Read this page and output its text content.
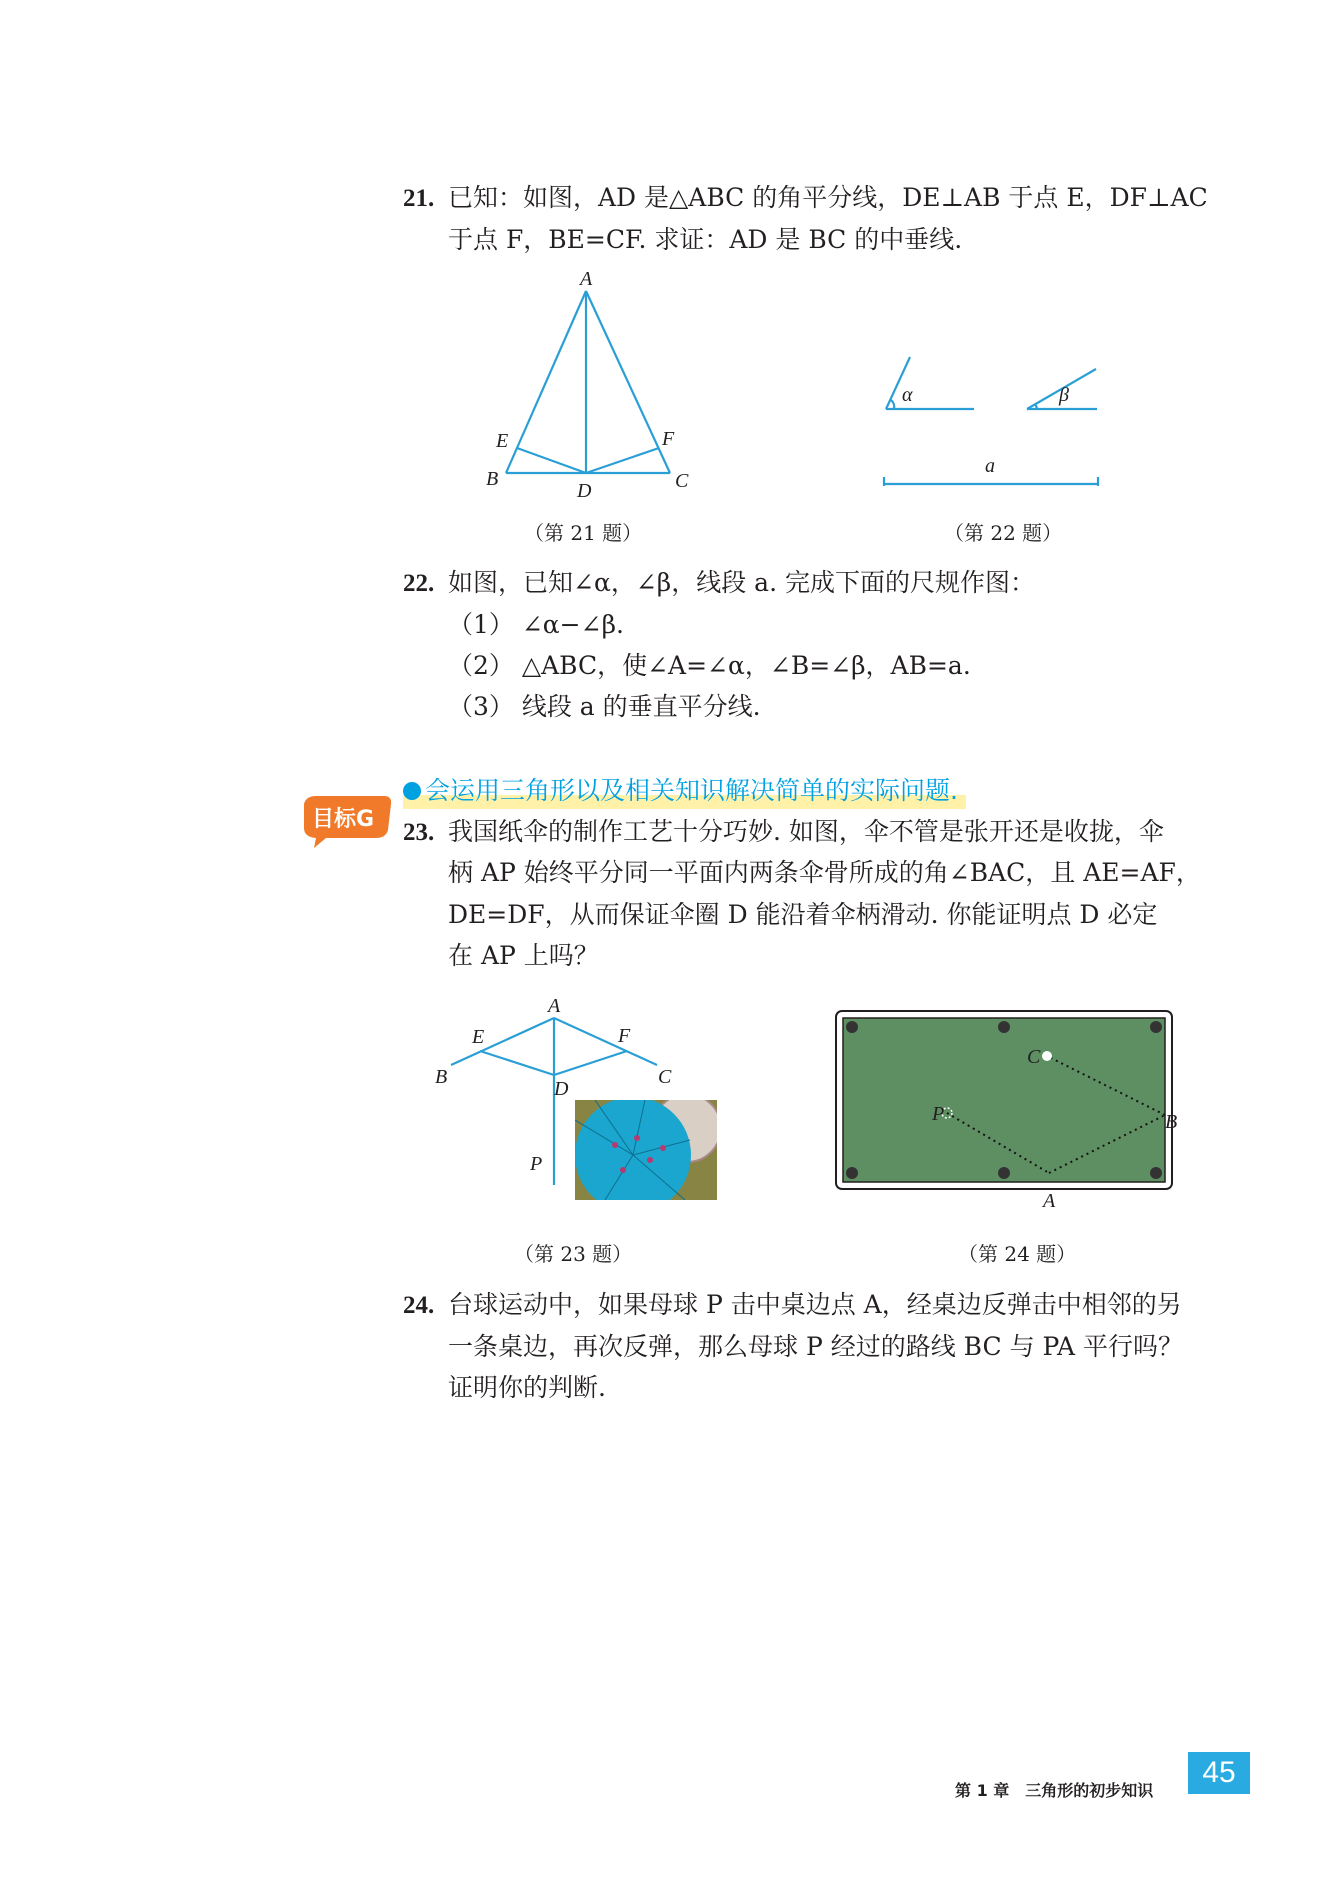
21. 已知：如图，AD 是△ABC 的角平分线，DE⊥AB 于点 E，DF⊥AC
于点 F，BE=CF. 求证：AD 是 BC 的中垂线.
A
B	C
D
E	F
（第 21 题）
α	β
a
（第 22 题）
22. 如图，已知∠α，∠β，线段 a. 完成下面的尺规作图：
（1） ∠α−∠β.
（2） △ABC，使∠A=∠α，∠B=∠β，AB=a.
（3） 线段 a 的垂直平分线.
目标G
会运用三角形以及相关知识解决简单的实际问题.
23. 我国纸伞的制作工艺十分巧妙. 如图，伞不管是张开还是收拢，伞
柄 AP 始终平分同一平面内两条伞骨所成的角∠BAC，且 AE=AF，
DE=DF，从而保证伞圈 D 能沿着伞柄滑动. 你能证明点 D 必定
在 AP 上吗？
A
B	C
D
E	F
P
（第 23 题）
C
P	B
A
（第 24 题）
24. 台球运动中，如果母球 P 击中桌边点 A，经桌边反弹击中相邻的另
一条桌边，再次反弹，那么母球 P 经过的路线 BC 与 PA 平行吗？
证明你的判断.
第 1 章　三角形的初步知识
45
